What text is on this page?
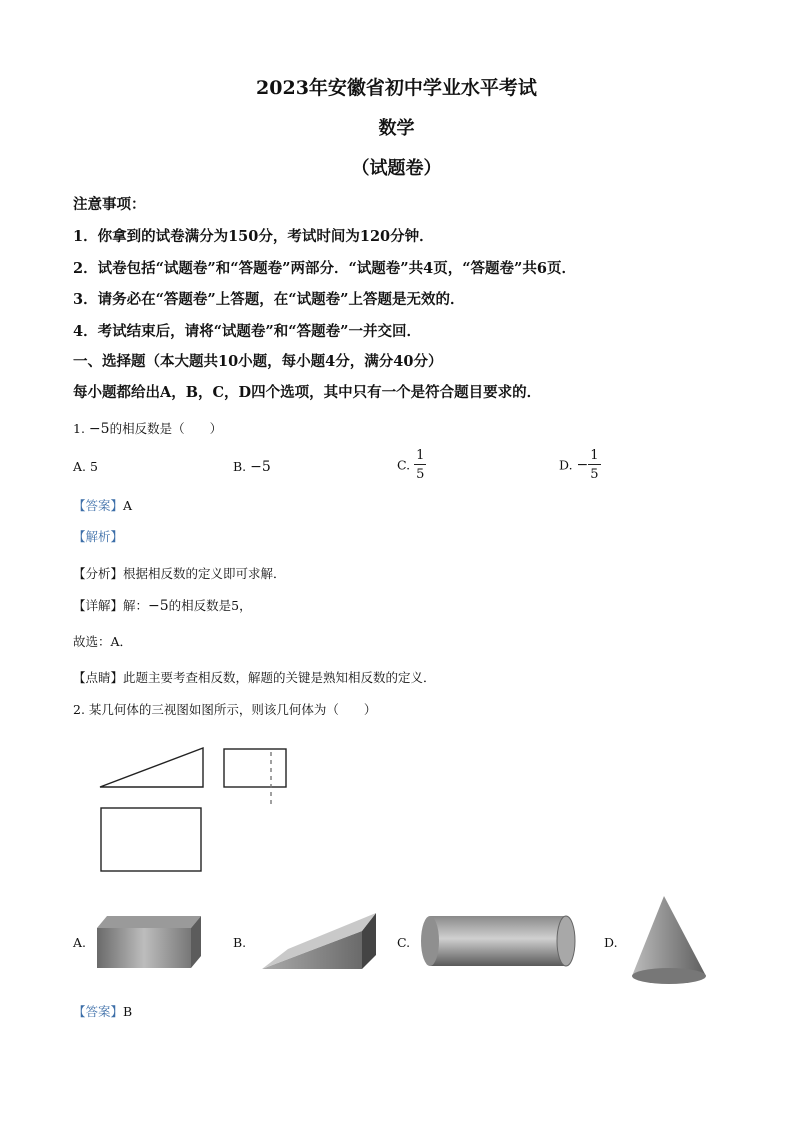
2023年安徽省初中学业水平考试
数学
（试题卷）
注意事项：
1．你拿到的试卷满分为150分，考试时间为120分钟．
2．试卷包括“试题卷”和“答题卷”两部分．“试题卷”共4页，“答题卷”共6页．
3．请务必在“答题卷”上答题，在“试题卷”上答题是无效的．
4．考试结束后，请将“试题卷”和“答题卷”一并交回．
一、选择题（本大题共10小题，每小题4分，满分40分）
每小题都给出A，B，C，D四个选项，其中只有一个是符合题目要求的．
1. −5的相反数是（　　）
A. 5	B. −5	C. $\frac{1}{5}$	D. − $\frac{1}{5}$
【答案】A
【解析】
【分析】根据相反数的定义即可求解．
【详解】解：−5的相反数是5，
故选：A．
【点睛】此题主要考查相反数，解题的关键是熟知相反数的定义．
2. 某几何体的三视图如图所示，则该几何体为（　　）
A.	B.	C.	D.
【答案】B
